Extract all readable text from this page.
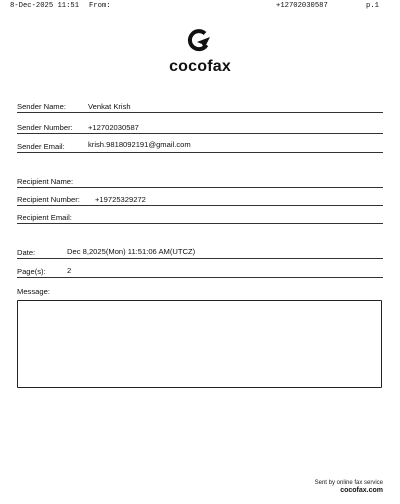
8-Dec-2025 11:51 From:	+12702030587	p.1
cocofax
Sender Name:	Venkat Krish
Sender Number: +12702030587
Sender Email:	krish.9818092191@gmail.com
Recipient Name:
Recipient Number: +19725329272
Recipient Email:
Date:	Dec 8,2025(Mon) 11:51:06 AM(UTCZ)
Page(s):	2
Message:
Sent by online fax service
cocofax.com
